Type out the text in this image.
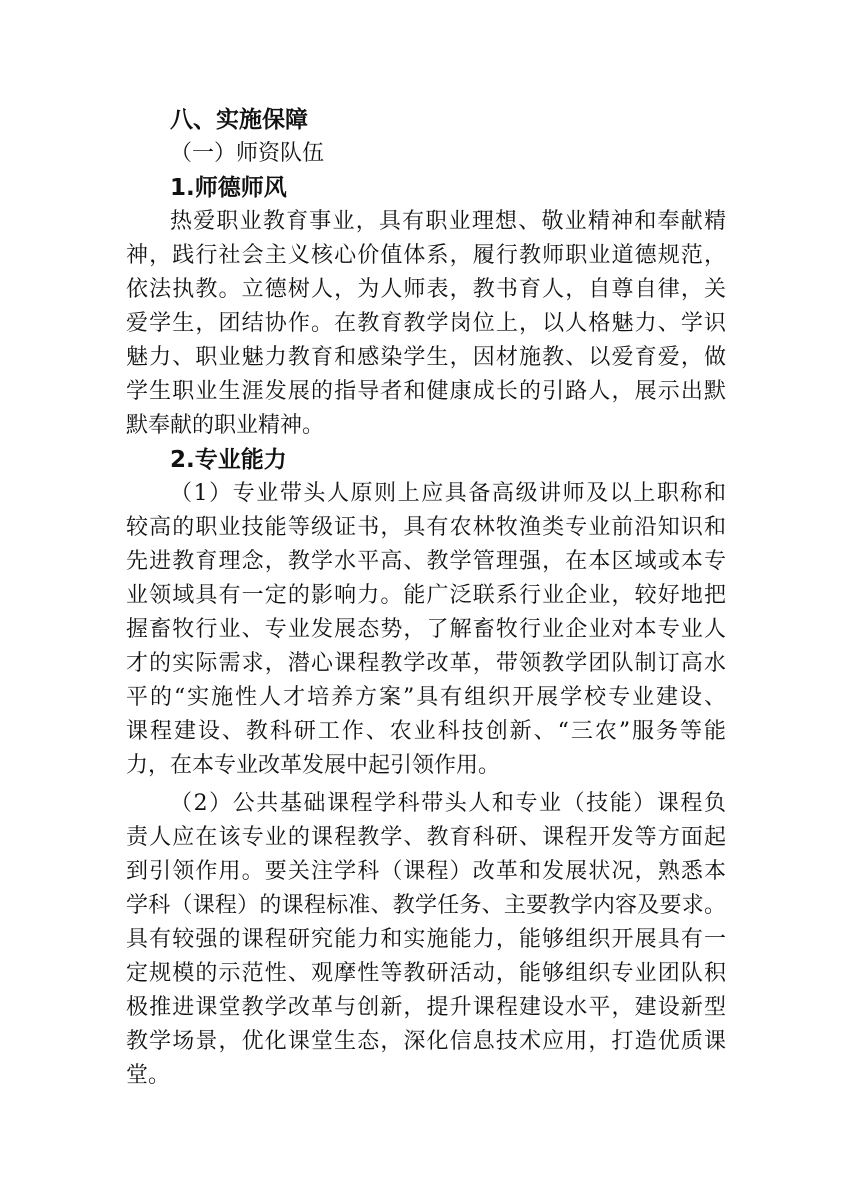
八、实施保障
（一）师资队伍
1.师德师风
热爱职业教育事业，具有职业理想、敬业精神和奉献精
神，践行社会主义核心价值体系，履行教师职业道德规范，
依法执教。立德树人，为人师表，教书育人，自尊自律，关
爱学生，团结协作。在教育教学岗位上，以人格魅力、学识
魅力、职业魅力教育和感染学生，因材施教、以爱育爱，做
学生职业生涯发展的指导者和健康成长的引路人，展示出默
默奉献的职业精神。
2.专业能力
（1）专业带头人原则上应具备高级讲师及以上职称和
较高的职业技能等级证书，具有农林牧渔类专业前沿知识和
先进教育理念，教学水平高、教学管理强，在本区域或本专
业领域具有一定的影响力。能广泛联系行业企业，较好地把
握畜牧行业、专业发展态势，了解畜牧行业企业对本专业人
才的实际需求，潜心课程教学改革，带领教学团队制订高水
平的“实施性人才培养方案”具有组织开展学校专业建设、
课程建设、教科研工作、农业科技创新、“三农”服务等能
力，在本专业改革发展中起引领作用。
（2）公共基础课程学科带头人和专业（技能）课程负
责人应在该专业的课程教学、教育科研、课程开发等方面起
到引领作用。要关注学科（课程）改革和发展状况，熟悉本
学科（课程）的课程标准、教学任务、主要教学内容及要求。
具有较强的课程研究能力和实施能力，能够组织开展具有一
定规模的示范性、观摩性等教研活动，能够组织专业团队积
极推进课堂教学改革与创新，提升课程建设水平，建设新型
教学场景，优化课堂生态，深化信息技术应用，打造优质课
堂。
